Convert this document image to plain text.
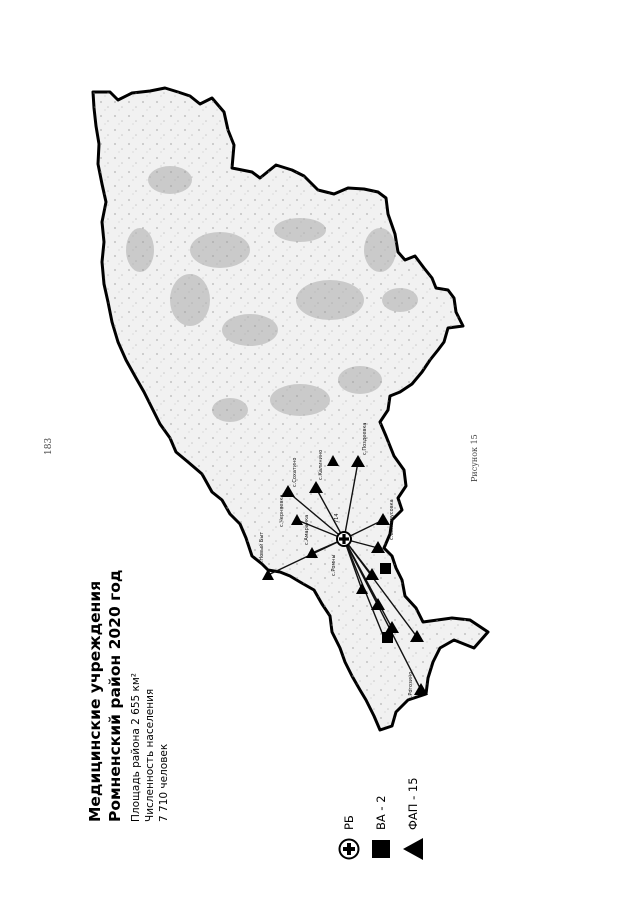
183	Рисунок 15
Медицинские учреждения Ромненский район 2020 год Площадь района 2 655 км² Численность населения 7 710 человек
РБ ВА - 2 ФАП - 15
714
с.Новый Быт
с.Ромны
с.Черняевка
с.Сохатино
с.Амаранка
с.Калинино
с.Поздеевка
с.Святорусовка
с.Рогозино
